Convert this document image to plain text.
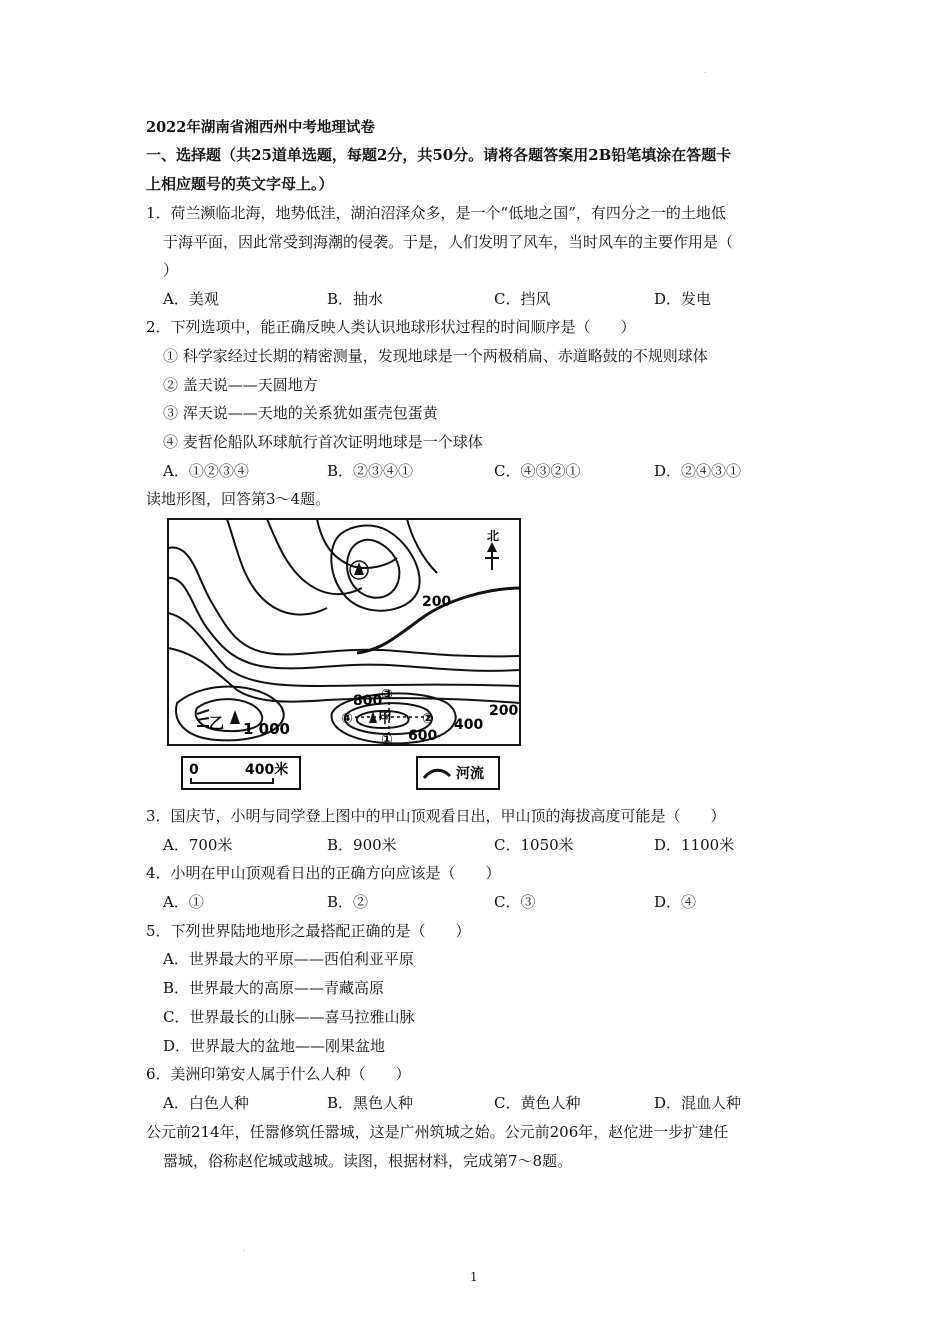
.
2022年湖南省湘西州中考地理试卷
一、选择题（共25道单选题，每题2分，共50分。请将各题答案用2B铅笔填涂在答题卡
上相应题号的英文字母上。）
1．荷兰濒临北海，地势低洼，湖泊沼泽众多，是一个“低地之国”，有四分之一的土地低
于海平面，因此常受到海潮的侵袭。于是，人们发明了风车，当时风车的主要作用是（
）
A．美观	B．抽水	C．挡风	D．发电
2．下列选项中，能正确反映人类认识地球形状过程的时间顺序是（　　）
① 科学家经过长期的精密测量，发现地球是一个两极稍扁、赤道略鼓的不规则球体
② 盖天说——天圆地方
③ 浑天说——天地的关系犹如蛋壳包蛋黄
④ 麦哲伦船队环球航行首次证明地球是一个球体
A．①②③④	B．②③④①	C．④③②①	D．②④③①
读地形图，回答第3～4题。
北
200
200
400
600
800
1 000
乙	甲
①
②
③
④
0	400米	河流
3．国庆节，小明与同学登上图中的甲山顶观看日出，甲山顶的海拔高度可能是（　　）
A．700米	B．900米	C．1050米	D．1100米
4．小明在甲山顶观看日出的正确方向应该是（　　）
A．①	B．②	C．③	D．④
5．下列世界陆地地形之最搭配正确的是（　　）
A．世界最大的平原——西伯利亚平原
B．世界最大的高原——青藏高原
C．世界最长的山脉——喜马拉雅山脉
D．世界最大的盆地——刚果盆地
6．美洲印第安人属于什么人种（　　）
A．白色人种	B．黑色人种	C．黄色人种	D．混血人种
公元前214年，任嚣修筑任嚣城，这是广州筑城之始。公元前206年，赵佗进一步扩建任
嚣城，俗称赵佗城或越城。读图，根据材料，完成第7～8题。
.
1
